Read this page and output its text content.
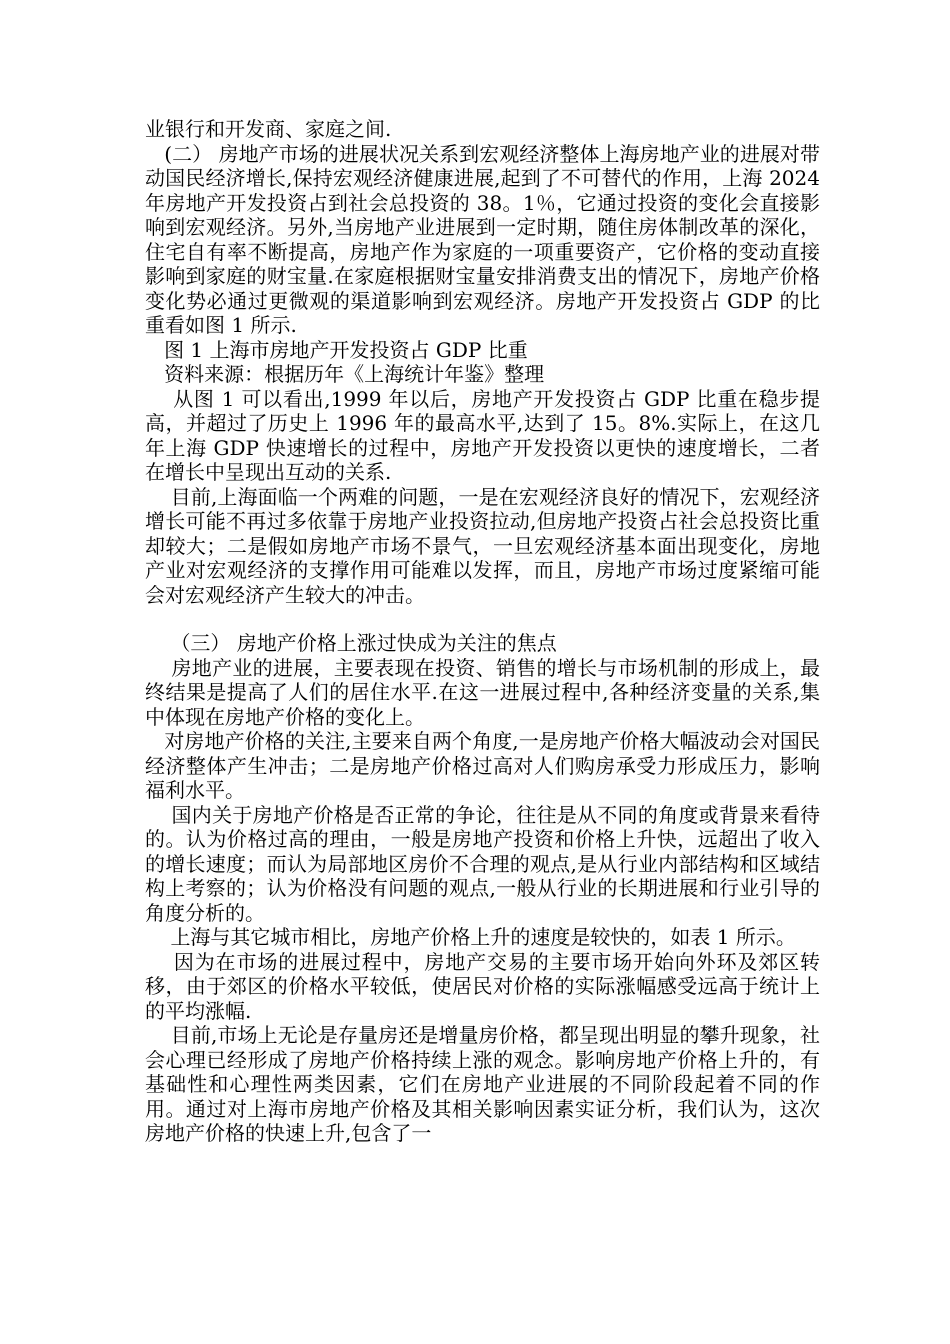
业银行和开发商、家庭之间.

(二） 房地产市场的进展状况关系到宏观经济整体上海房地产业的进展对带动国民经济增长,保持宏观经济健康进展,起到了不可替代的作用，上海 2024 年房地产开发投资占到社会总投资的 38。1％，它通过投资的变化会直接影响到宏观经济。另外,当房地产业进展到一定时期，随住房体制改革的深化，住宅自有率不断提高，房地产作为家庭的一项重要资产，它价格的变动直接影响到家庭的财宝量.在家庭根据财宝量安排消费支出的情况下，房地产价格变化势必通过更微观的渠道影响到宏观经济。房地产开发投资占 GDP 的比重看如图 1 所示.

图 1 上海市房地产开发投资占 GDP 比重

资料来源：根据历年《上海统计年鉴》整理

从图 1 可以看出,1999 年以后，房地产开发投资占 GDP 比重在稳步提高，并超过了历史上 1996 年的最高水平,达到了 15。8%.实际上，在这几年上海 GDP 快速增长的过程中，房地产开发投资以更快的速度增长，二者在增长中呈现出互动的关系.

目前,上海面临一个两难的问题，一是在宏观经济良好的情况下，宏观经济增长可能不再过多依靠于房地产业投资拉动,但房地产投资占社会总投资比重却较大；二是假如房地产市场不景气，一旦宏观经济基本面出现变化，房地产业对宏观经济的支撑作用可能难以发挥，而且，房地产市场过度紧缩可能会对宏观经济产生较大的冲击。

（三） 房地产价格上涨过快成为关注的焦点

房地产业的进展，主要表现在投资、销售的增长与市场机制的形成上，最终结果是提高了人们的居住水平.在这一进展过程中,各种经济变量的关系,集中体现在房地产价格的变化上。

对房地产价格的关注,主要来自两个角度,一是房地产价格大幅波动会对国民经济整体产生冲击；二是房地产价格过高对人们购房承受力形成压力，影响福利水平。

国内关于房地产价格是否正常的争论，往往是从不同的角度或背景来看待的。认为价格过高的理由，一般是房地产投资和价格上升快，远超出了收入的增长速度；而认为局部地区房价不合理的观点,是从行业内部结构和区域结构上考察的；认为价格没有问题的观点,一般从行业的长期进展和行业引导的角度分析的。

上海与其它城市相比，房地产价格上升的速度是较快的，如表 1 所示。

因为在市场的进展过程中，房地产交易的主要市场开始向外环及郊区转移，由于郊区的价格水平较低，使居民对价格的实际涨幅感受远高于统计上的平均涨幅.

目前,市场上无论是存量房还是增量房价格，都呈现出明显的攀升现象，社会心理已经形成了房地产价格持续上涨的观念。影响房地产价格上升的，有基础性和心理性两类因素，它们在房地产业进展的不同阶段起着不同的作用。通过对上海市房地产价格及其相关影响因素实证分析，我们认为，这次房地产价格的快速上升,包含了一
